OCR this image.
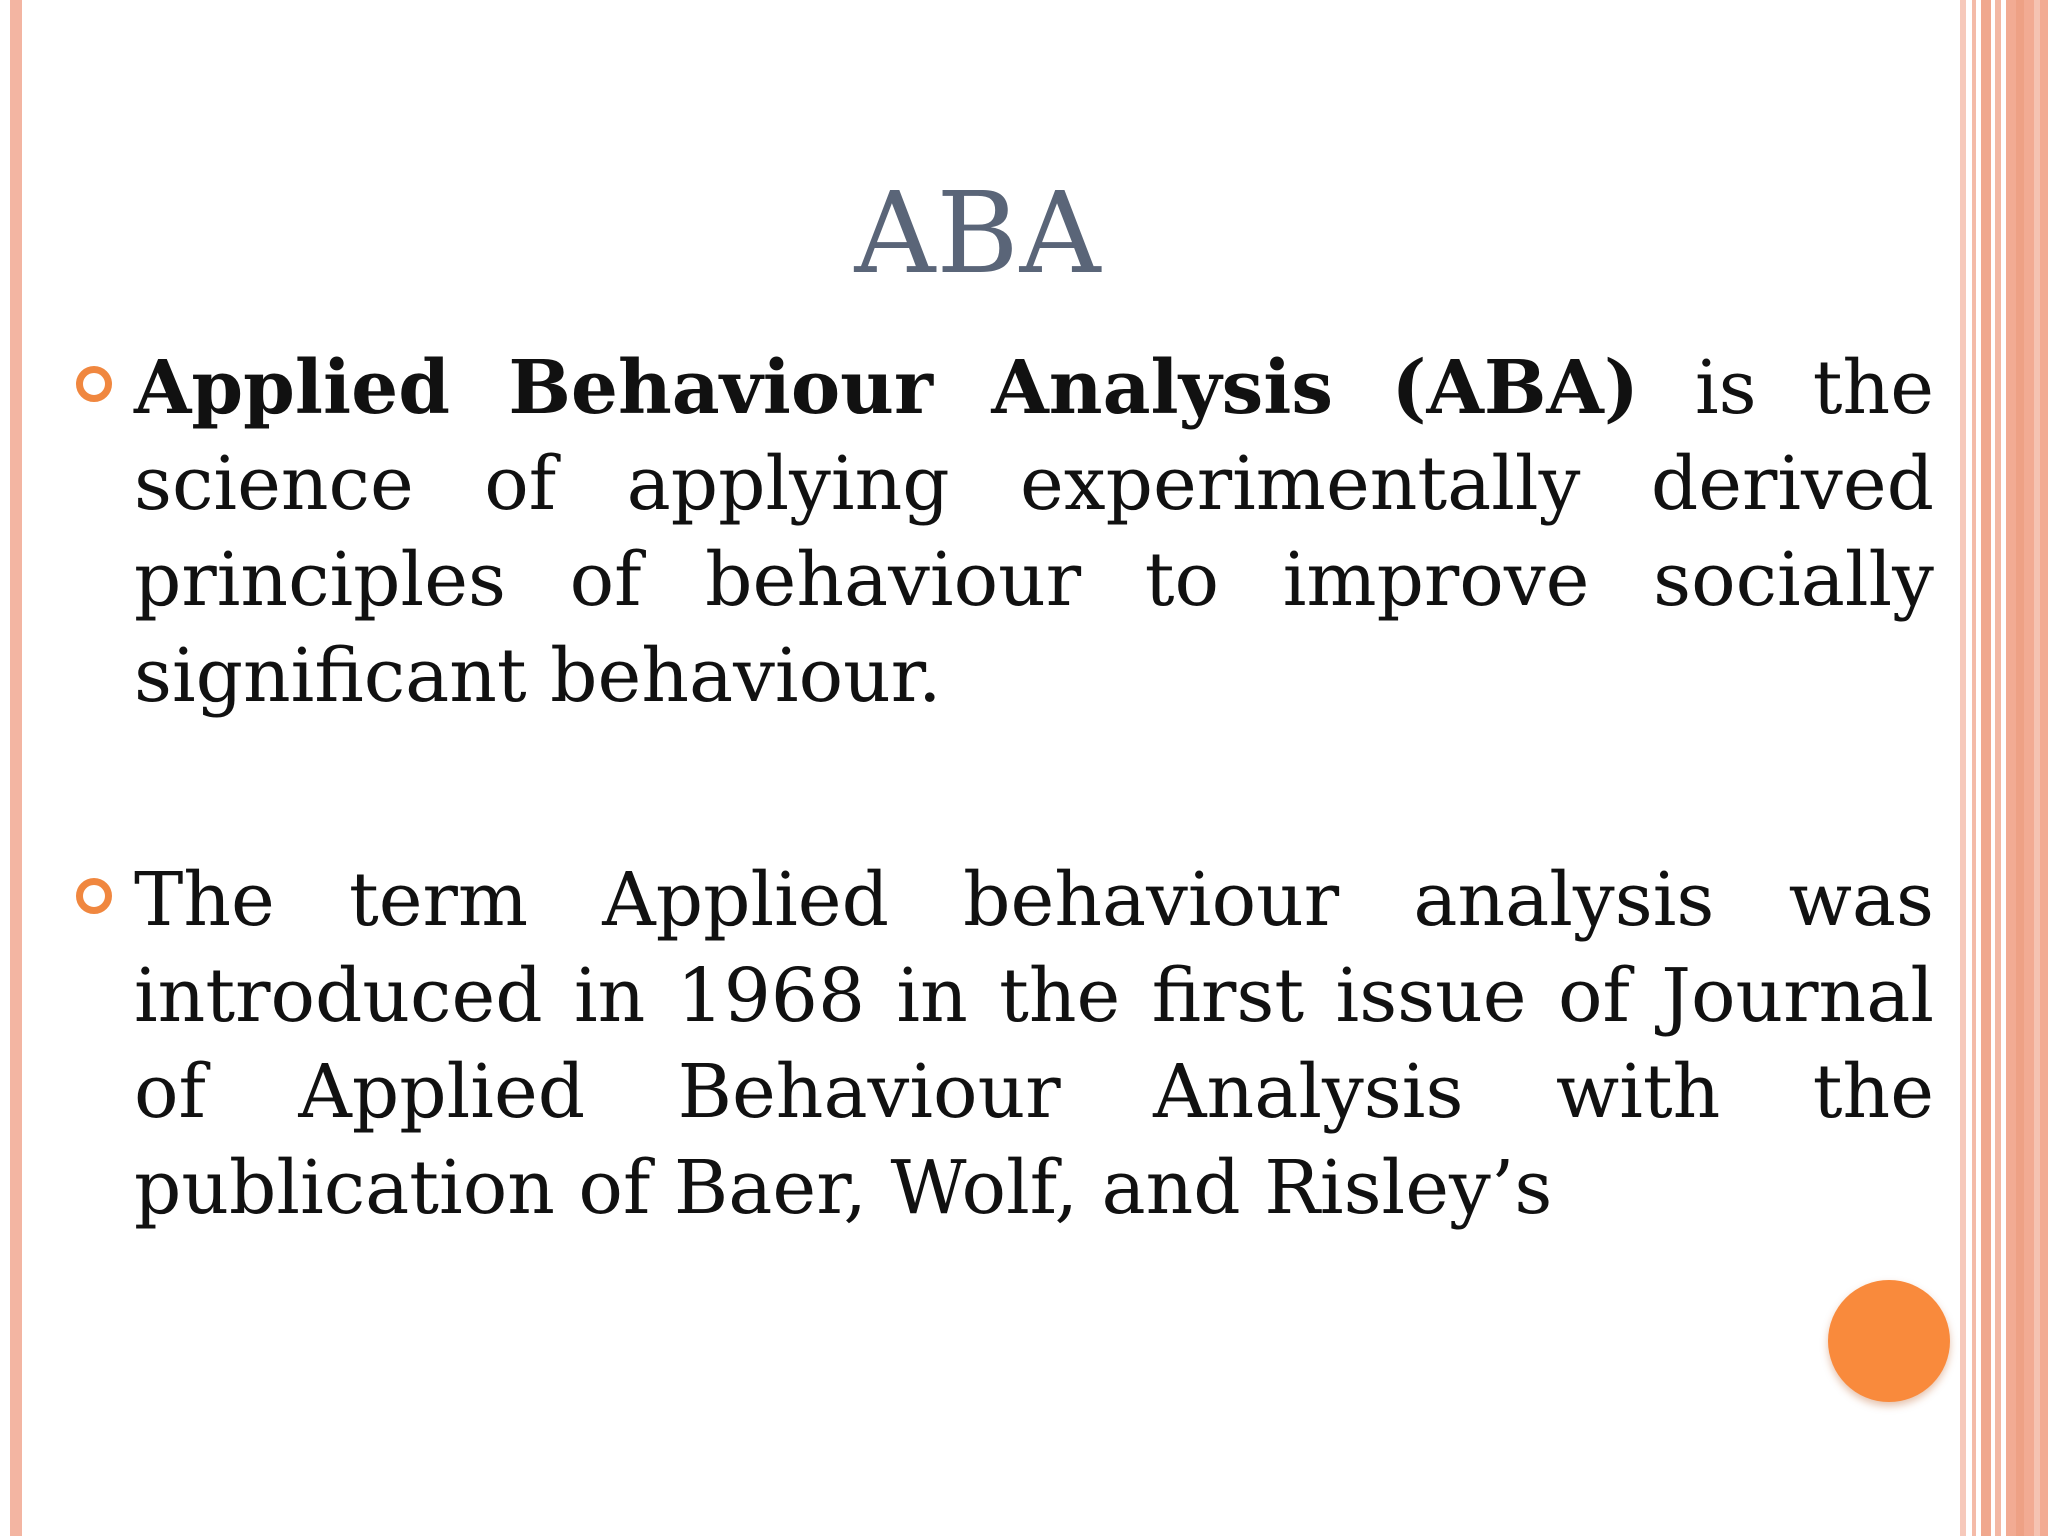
ABA
Applied Behaviour Analysis (ABA) is the science of applying experimentally derived principles of behaviour to improve socially significant behaviour.
The term Applied behaviour analysis was introduced in 1968 in the first issue of Journal of Applied Behaviour Analysis with the publication of Baer, Wolf, and Risley’s
